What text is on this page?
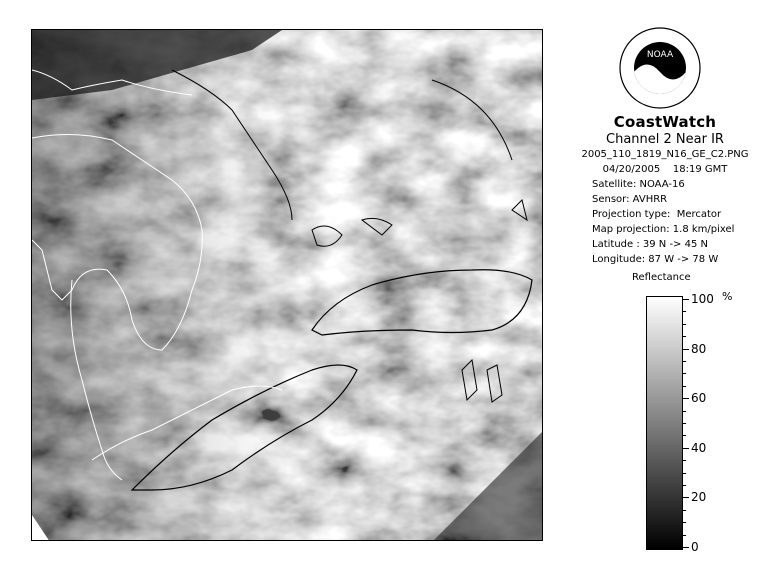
NOAA
CoastWatch
Channel 2 Near IR
2005_110_1819_N16_GE_C2.PNG
04/20/2005    18:19 GMT
Satellite: NOAA-16
Sensor: AVHRR
Projection type:  Mercator
Map projection: 1.8 km/pixel
Latitude : 39 N -> 45 N
Longitude: 87 W -> 78 W
Reflectance
%
100
80
60
40
20
0
